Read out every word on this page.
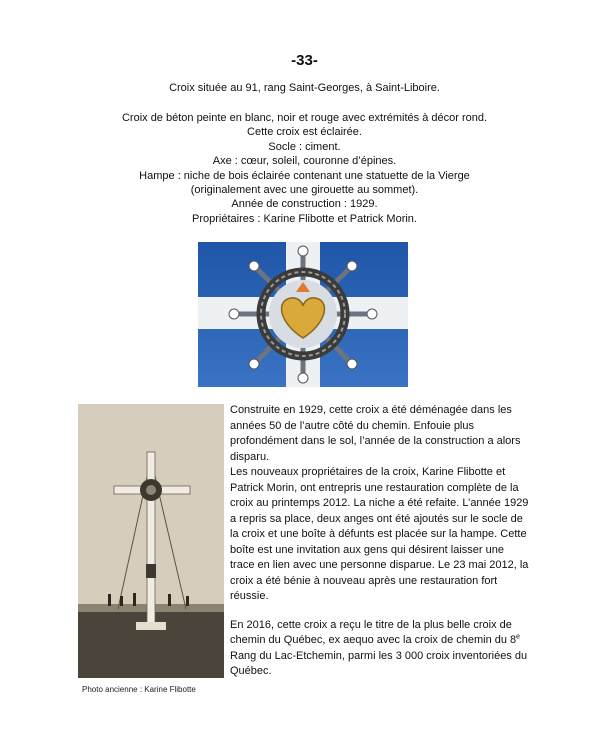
-33-
Croix située au 91, rang Saint-Georges, à Saint-Liboire.
Croix de béton peinte en blanc, noir et rouge avec extrémités à décor rond.
Cette croix est éclairée.
Socle : ciment.
Axe : cœur, soleil, couronne d’épines.
Hampe : niche de bois éclairée contenant une statuette de la Vierge
(originalement avec une girouette au sommet).
Année de construction : 1929.
Propriétaires : Karine Flibotte et Patrick Morin.
Photo ancienne : Karine Flibotte

Construite en 1929, cette croix a été déménagée dans les années 50 de l’autre côté du chemin. Enfouie plus profondément dans le sol, l’année de la construction a alors disparu.
Les nouveaux propriétaires de la croix, Karine Flibotte et Patrick Morin, ont entrepris une restauration complète de la croix au printemps 2012. La niche a été refaite. L’année 1929 a repris sa place, deux anges ont été ajoutés sur le socle de la croix et une boîte à défunts est placée sur la hampe. Cette boîte est une invitation aux gens qui désirent laisser une trace en lien avec une personne disparue. Le 23 mai 2012, la croix a été bénie à nouveau après une restauration fort réussie.

En 2016, cette croix a reçu le titre de la plus belle croix de chemin du Québec, ex aequo avec la croix de chemin du 8e Rang du Lac-Etchemin, parmi les 3 000 croix inventoriées du Québec.
